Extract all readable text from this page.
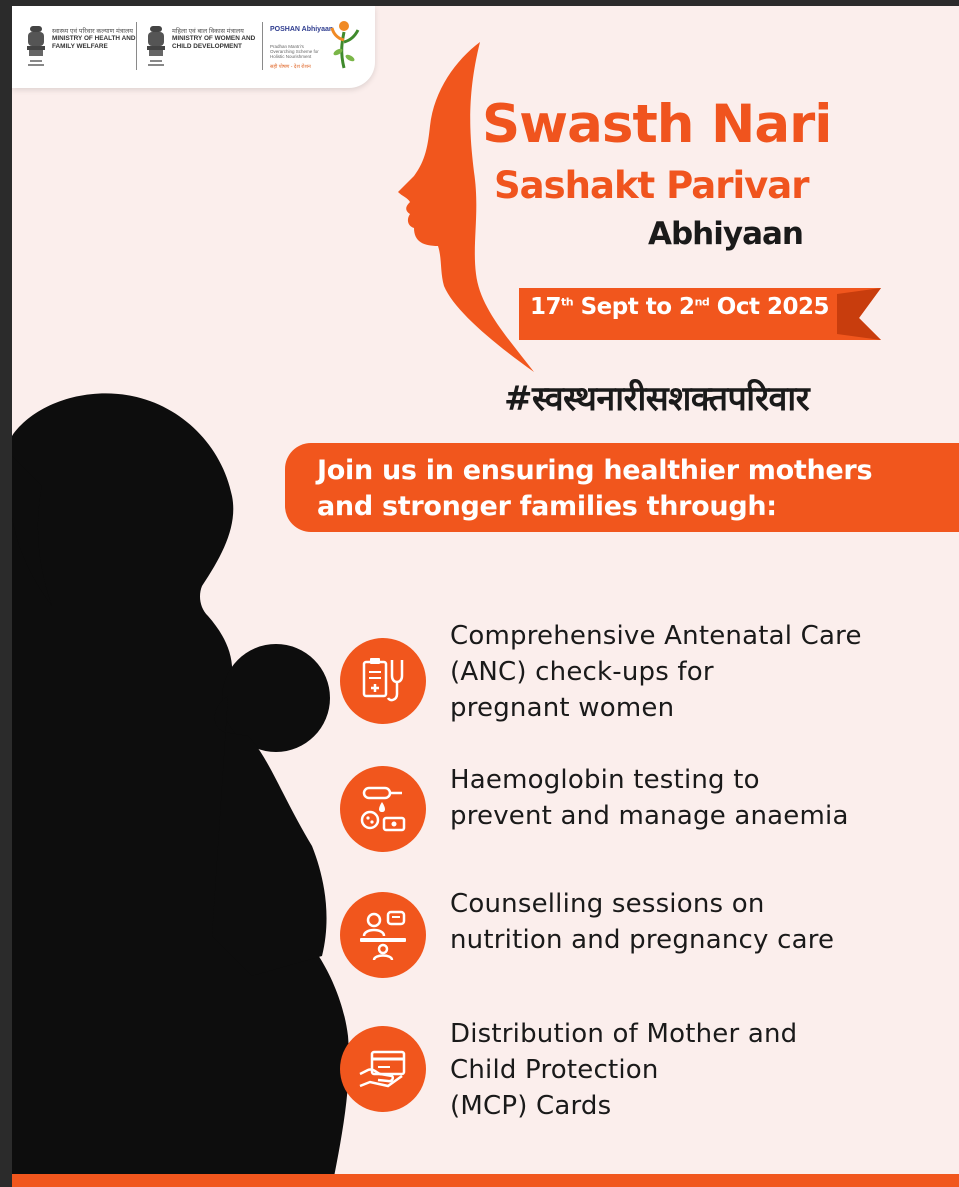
स्वास्थ्य एवं परिवार कल्याण मंत्रालय
MINISTRY OF HEALTH AND FAMILY WELFARE
महिला एवं बाल विकास मंत्रालय
MINISTRY OF WOMEN AND CHILD DEVELOPMENT
POSHAN Abhiyaan
Pradhan Mantri's Overarching Scheme for Holistic Nourishment
सही पोषण - देश रोशन
Swasth Nari
Sashakt Parivar
Abhiyaan
17th Sept to 2nd Oct 2025
#स्वस्थनारीसशक्तपरिवार
Join us in ensuring healthier mothers
and stronger families through:
Comprehensive Antenatal Care
(ANC) check-ups for
pregnant women
Haemoglobin testing to
prevent and manage anaemia
Counselling sessions on
nutrition and pregnancy care
Distribution of Mother and
Child Protection
(MCP) Cards
